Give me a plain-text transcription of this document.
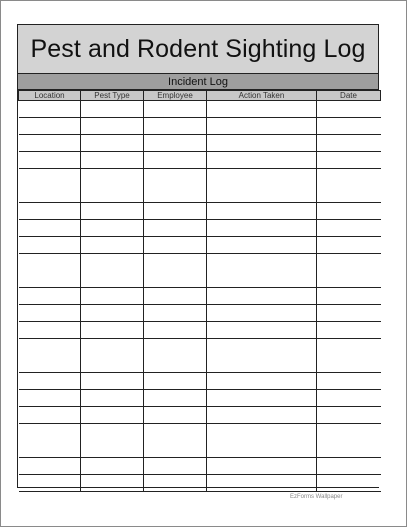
Pest and Rodent Sighting Log
Incident Log
Location	Pest Type	Employee	Action Taken	Date

EzForms Wallpaper
